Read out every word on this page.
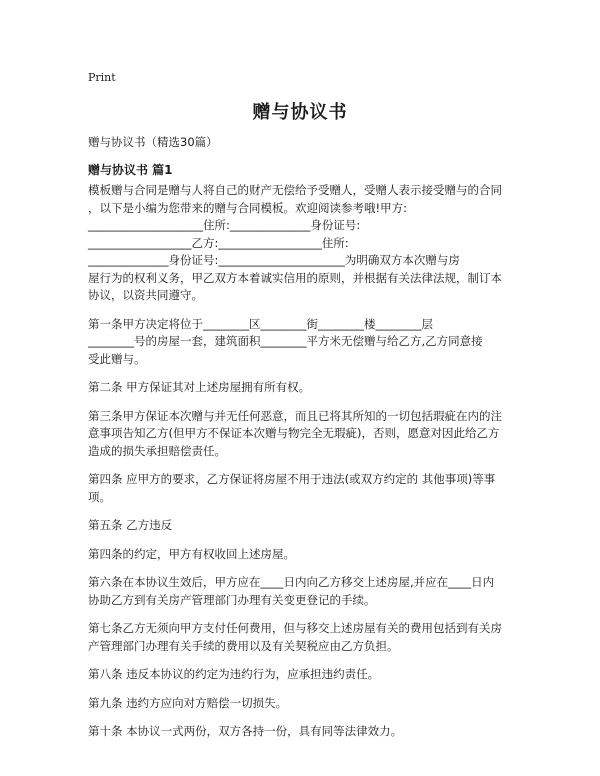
Print
赠与协议书
赠与协议书（精选30篇）
赠与协议书 篇1
模板赠与合同是赠与人将自己的财产无偿给予受赠人，受赠人表示接受赠与的合同
，以下是小编为您带来的赠与合同模板。欢迎阅读参考哦!甲方:
____________________住所:______________身份证号:
__________________乙方:__________________住所:
______________身份证号:______________________为明确双方本次赠与房
屋行为的权利义务，甲乙双方本着诚实信用的原则，并根据有关法律法规，制订本
协议，以资共同遵守。
第一条甲方决定将位于________区________街________楼________层
________号的房屋一套，建筑面积________平方米无偿赠与给乙方,乙方同意接
受此赠与。
第二条 甲方保证其对上述房屋拥有所有权。
第三条甲方保证本次赠与并无任何恶意，而且已将其所知的一切包括瑕疵在内的注
意事项告知乙方(但甲方不保证本次赠与物完全无瑕疵)，否则，愿意对因此给乙方
造成的损失承担赔偿责任。
第四条 应甲方的要求，乙方保证将房屋不用于违法(或双方约定的 其他事项)等事
项。
第五条 乙方违反
第四条的约定，甲方有权收回上述房屋。
第六条在本协议生效后，甲方应在____日内向乙方移交上述房屋,并应在____日内
协助乙方到有关房产管理部门办理有关变更登记的手续。
第七条乙方无须向甲方支付任何费用，但与移交上述房屋有关的费用包括到有关房
产管理部门办理有关手续的费用以及有关契税应由乙方负担。
第八条 违反本协议的约定为违约行为，应承担违约责任。
第九条 违约方应向对方赔偿一切损失。
第十条 本协议一式两份，双方各持一份，具有同等法律效力。
